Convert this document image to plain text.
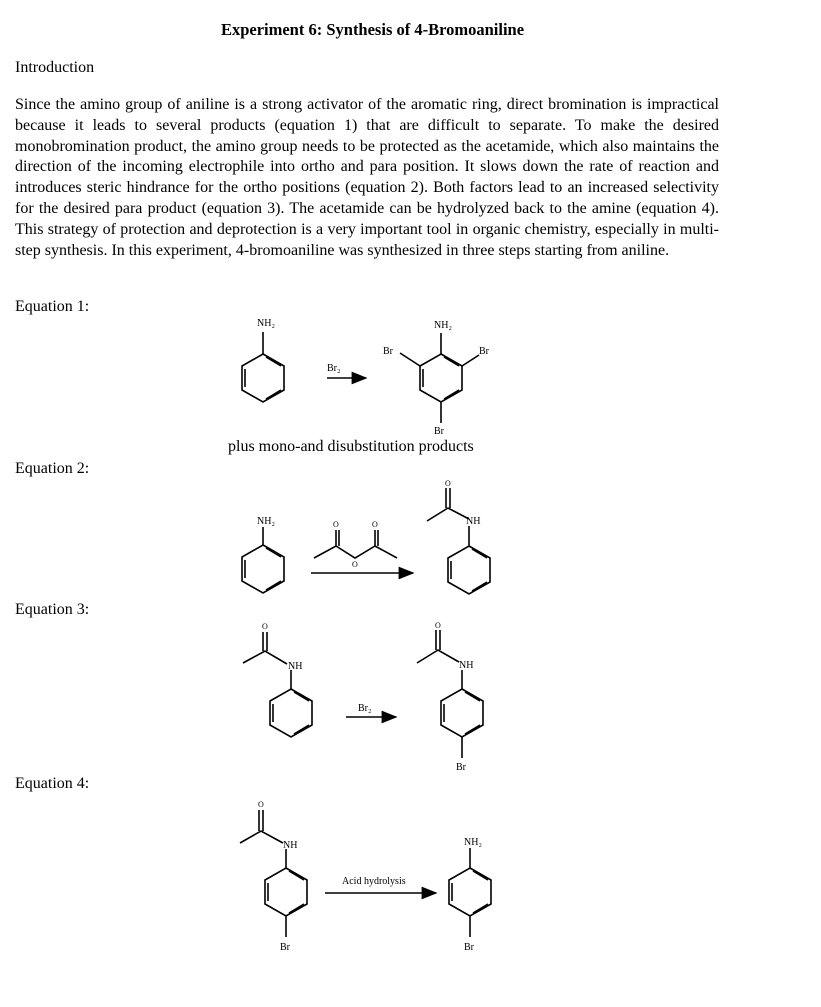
Experiment 6: Synthesis of 4-Bromoaniline
Introduction

Since the amino group of aniline is a strong activator of the aromatic ring, direct bromination is impractical because it leads to several products (equation 1) that are difficult to separate. To make the desired monobromination product, the amino group needs to be protected as the acetamide, which also maintains the direction of the incoming electrophile into ortho and para position. It slows down the rate of reaction and introduces steric hindrance for the ortho positions (equation 2). Both factors lead to an increased selectivity for the desired para product (equation 3). The acetamide can be hydrolyzed back to the amine (equation 4). This strategy of protection and deprotection is a very important tool in organic chemistry, especially in multi-step synthesis. In this experiment, 4-bromoaniline was synthesized in three steps starting from aniline.

Equation 1:
Equation 2:
Equation 3:
Equation 4:
plus mono-and disubstitution products
NH₂
Br₂
NH₂
Br	Br
Br
NH₂	O	O
O
O
NH
O
NH
Br₂
O
NH
Br
O
NH
Br
Acid hydrolysis
NH₂
Br
